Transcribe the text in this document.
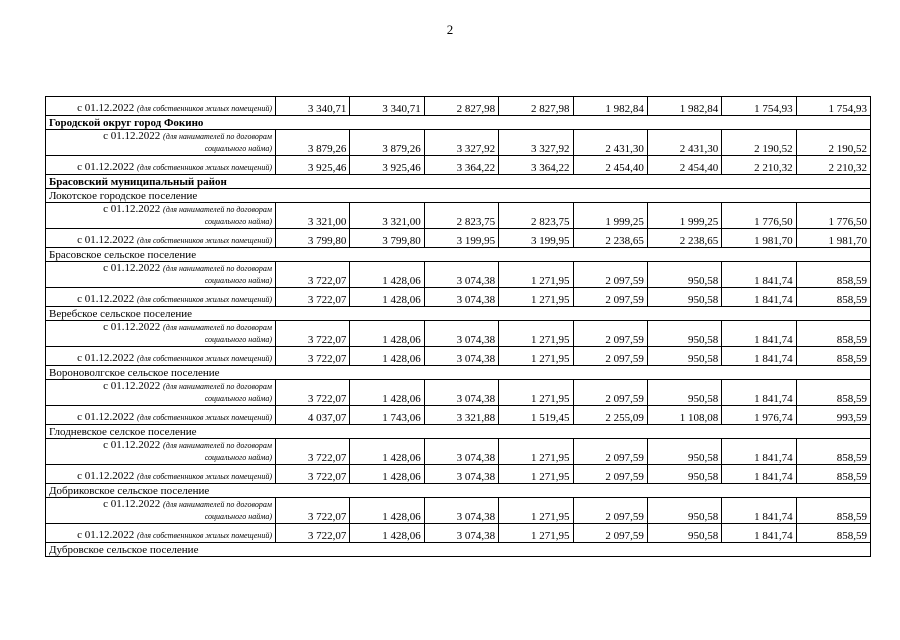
2
с 01.12.2022 (для собственников жилых помещений)	3 340,71	3 340,71	2 827,98	2 827,98	1 982,84	1 982,84	1 754,93	1 754,93
Городской округ город Фокино								

с 01.12.2022 (для нанимателей по договорам
социального найма)	3 879,26	3 879,26	3 327,92	3 327,92	2 431,30	2 431,30	2 190,52	2 190,52
с 01.12.2022 (для собственников жилых помещений)	3 925,46	3 925,46	3 364,22	3 364,22	2 454,40	2 454,40	2 210,32	2 210,32
Брасовский муниципальный район								
Локотское городское поселение								

с 01.12.2022 (для нанимателей по договорам
социального найма)	3 321,00	3 321,00	2 823,75	2 823,75	1 999,25	1 999,25	1 776,50	1 776,50
с 01.12.2022 (для собственников жилых помещений)	3 799,80	3 799,80	3 199,95	3 199,95	2 238,65	2 238,65	1 981,70	1 981,70
Брасовское сельское поселение								

с 01.12.2022 (для нанимателей по договорам
социального найма)	3 722,07	1 428,06	3 074,38	1 271,95	2 097,59	950,58	1 841,74	858,59
с 01.12.2022 (для собственников жилых помещений)	3 722,07	1 428,06	3 074,38	1 271,95	2 097,59	950,58	1 841,74	858,59
Веребское сельское поселение								

с 01.12.2022 (для нанимателей по договорам
социального найма)	3 722,07	1 428,06	3 074,38	1 271,95	2 097,59	950,58	1 841,74	858,59
с 01.12.2022 (для собственников жилых помещений)	3 722,07	1 428,06	3 074,38	1 271,95	2 097,59	950,58	1 841,74	858,59
Вороноволгское сельское поселение								

с 01.12.2022 (для нанимателей по договорам
социального найма)	3 722,07	1 428,06	3 074,38	1 271,95	2 097,59	950,58	1 841,74	858,59
с 01.12.2022 (для собственников жилых помещений)	4 037,07	1 743,06	3 321,88	1 519,45	2 255,09	1 108,08	1 976,74	993,59
Глодневское селское поселение								

с 01.12.2022 (для нанимателей по договорам
социального найма)	3 722,07	1 428,06	3 074,38	1 271,95	2 097,59	950,58	1 841,74	858,59
с 01.12.2022 (для собственников жилых помещений)	3 722,07	1 428,06	3 074,38	1 271,95	2 097,59	950,58	1 841,74	858,59
Добриковское сельское поселение								

с 01.12.2022 (для нанимателей по договорам
социального найма)	3 722,07	1 428,06	3 074,38	1 271,95	2 097,59	950,58	1 841,74	858,59
с 01.12.2022 (для собственников жилых помещений)	3 722,07	1 428,06	3 074,38	1 271,95	2 097,59	950,58	1 841,74	858,59
Дубровское сельское поселение								
